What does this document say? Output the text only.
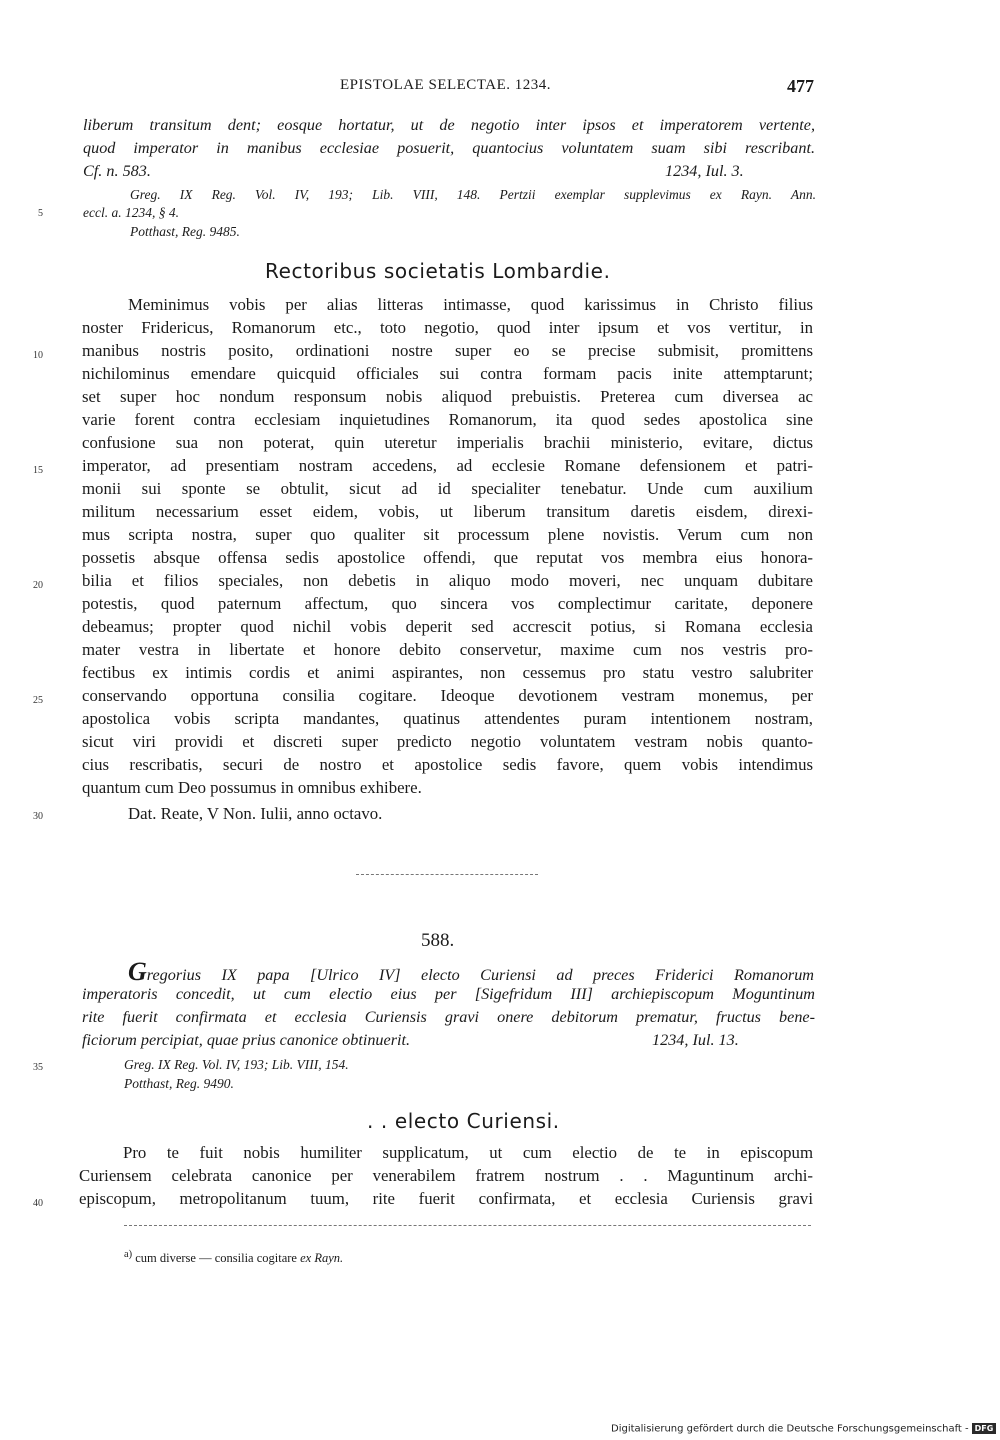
EPISTOLAE SELECTAE. 1234.	477
liberum transitum dent; eosque hortatur, ut de negotio inter ipsos et imperatorem vertente,
quod imperator in manibus ecclesiae posuerit, quantocius voluntatem suam sibi rescribant.
Cf. n. 583.	1234, Iul. 3.
Greg. IX Reg. Vol. IV, 193; Lib. VIII, 148. Pertzii exemplar supplevimus ex Rayn. Ann.
5	eccl. a. 1234, § 4.
Potthast, Reg. 9485.
Rectoribus societatis Lombardie.
Meminimus vobis per alias litteras intimasse, quod karissimus in Christo filius
noster Fridericus, Romanorum etc., toto negotio, quod inter ipsum et vos vertitur, in
manibus nostris posito, ordinationi nostre super eo se precise submisit, promittens
nichilominus emendare quicquid officiales sui contra formam pacis inite attemptarunt;
set super hoc nondum responsum nobis aliquod prebuistis. Preterea cum diversea ac
varie forent contra ecclesiam inquietudines Romanorum, ita quod sedes apostolica sine
confusione sua non poterat, quin uteretur imperialis brachii ministerio, evitare, dictus
imperator, ad presentiam nostram accedens, ad ecclesie Romane defensionem et patri-
monii sui sponte se obtulit, sicut ad id specialiter tenebatur. Unde cum auxilium
militum necessarium esset eidem, vobis, ut liberum transitum daretis eisdem, direxi-
mus scripta nostra, super quo qualiter sit processum plene novistis. Verum cum non
possetis absque offensa sedis apostolice offendi, que reputat vos membra eius honora-
bilia et filios speciales, non debetis in aliquo modo moveri, nec unquam dubitare
potestis, quod paternum affectum, quo sincera vos complectimur caritate, deponere
debeamus; propter quod nichil vobis deperit sed accrescit potius, si Romana ecclesia
mater vestra in libertate et honore debito conservetur, maxime cum nos vestris pro-
fectibus ex intimis cordis et animi aspirantes, non cessemus pro statu vestro salubriter
conservando opportuna consilia cogitare. Ideoque devotionem vestram monemus, per
apostolica vobis scripta mandantes, quatinus attendentes puram intentionem nostram,
sicut viri providi et discreti super predicto negotio voluntatem vestram nobis quanto-
cius rescribatis, securi de nostro et apostolice sedis favore, quem vobis intendimus
quantum cum Deo possumus in omnibus exhibere.
Dat. Reate, V Non. Iulii, anno octavo.
10
15
20
25
30
35
40
588.
G regorius IX papa [Ulrico IV] electo Curiensi ad preces Friderici Romanorum
imperatoris concedit, ut cum electio eius per [Sigefridum III] archiepiscopum Moguntinum
rite fuerit confirmata et ecclesia Curiensis gravi onere debitorum prematur, fructus bene-
ficiorum percipiat, quae prius canonice obtinuerit.	1234, Iul. 13.
Greg. IX Reg. Vol. IV, 193; Lib. VIII, 154.
Potthast, Reg. 9490.
. . electo Curiensi.
Pro te fuit nobis humiliter supplicatum, ut cum electio de te in episcopum
Curiensem celebrata canonice per venerabilem fratrem nostrum . . Maguntinum archi-
episcopum, metropolitanum tuum, rite fuerit confirmata, et ecclesia Curiensis gravi
$^{a)}$ cum diverse — consilia cogitare ex Rayn.
Digitalisierung gefördert durch die Deutsche Forschungsgemeinschaft - DFG
